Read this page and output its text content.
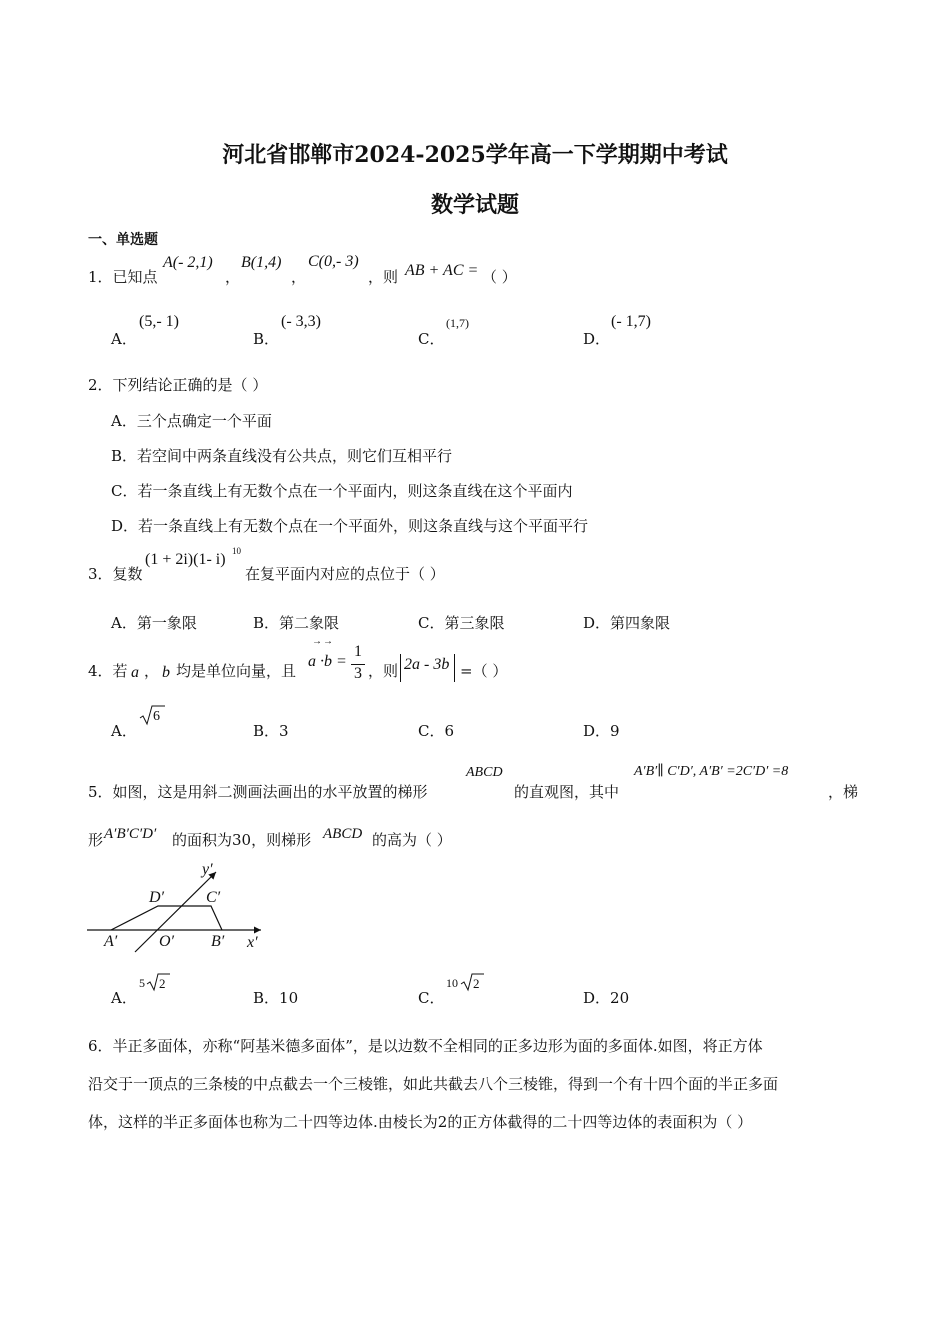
河北省邯郸市2024-2025学年高一下学期期中考试
数学试题
一、单选题
1．已知点
A(- 2,1)
，
B(1,4)
，
C(0,- 3)
，则 AB + AC = （ ）
A．
(5,- 1)
B．
(- 3,3)
C．
(1,7)
D．
(- 1,7)
2．下列结论正确的是（ ）
A．三个点确定一个平面
B．若空间中两条直线没有公共点，则它们互相平行
C．若一条直线上有无数个点在一个平面内，则这条直线在这个平面内
D．若一条直线上有无数个点在一个平面外，则这条直线与这个平面平行
3．复数
(1 + 2i)(1- i) 10
在复平面内对应的点位于（ ）
A．第一象限	B．第二象限	C．第三象限	D．第四象限
4．若 a ， b 均是单位向量，且
→→
a ·b =
1
3 ，则 2a - 3b =（ ）
A．
6
B．3	C．6	D．9
5．如图，这是用斜二测画法画出的水平放置的梯形
ABCD
的直观图，其中
A′B′∥ C′D′, A′B′ =2C′D′ =8
，梯
形 A′B′C′D′ 的面积为30，则梯形 ABCD 的高为（ ）
y′
x′
D′	C′
A′	O′ B′
A．
5 2
B．10	C．
10 2
D．20
6．半正多面体，亦称“阿基米德多面体”，是以边数不全相同的正多边形为面的多面体.如图，将正方体
沿交于一顶点的三条棱的中点截去一个三棱锥，如此共截去八个三棱锥，得到一个有十四个面的半正多面
体，这样的半正多面体也称为二十四等边体.由棱长为2的正方体截得的二十四等边体的表面积为（ ）
